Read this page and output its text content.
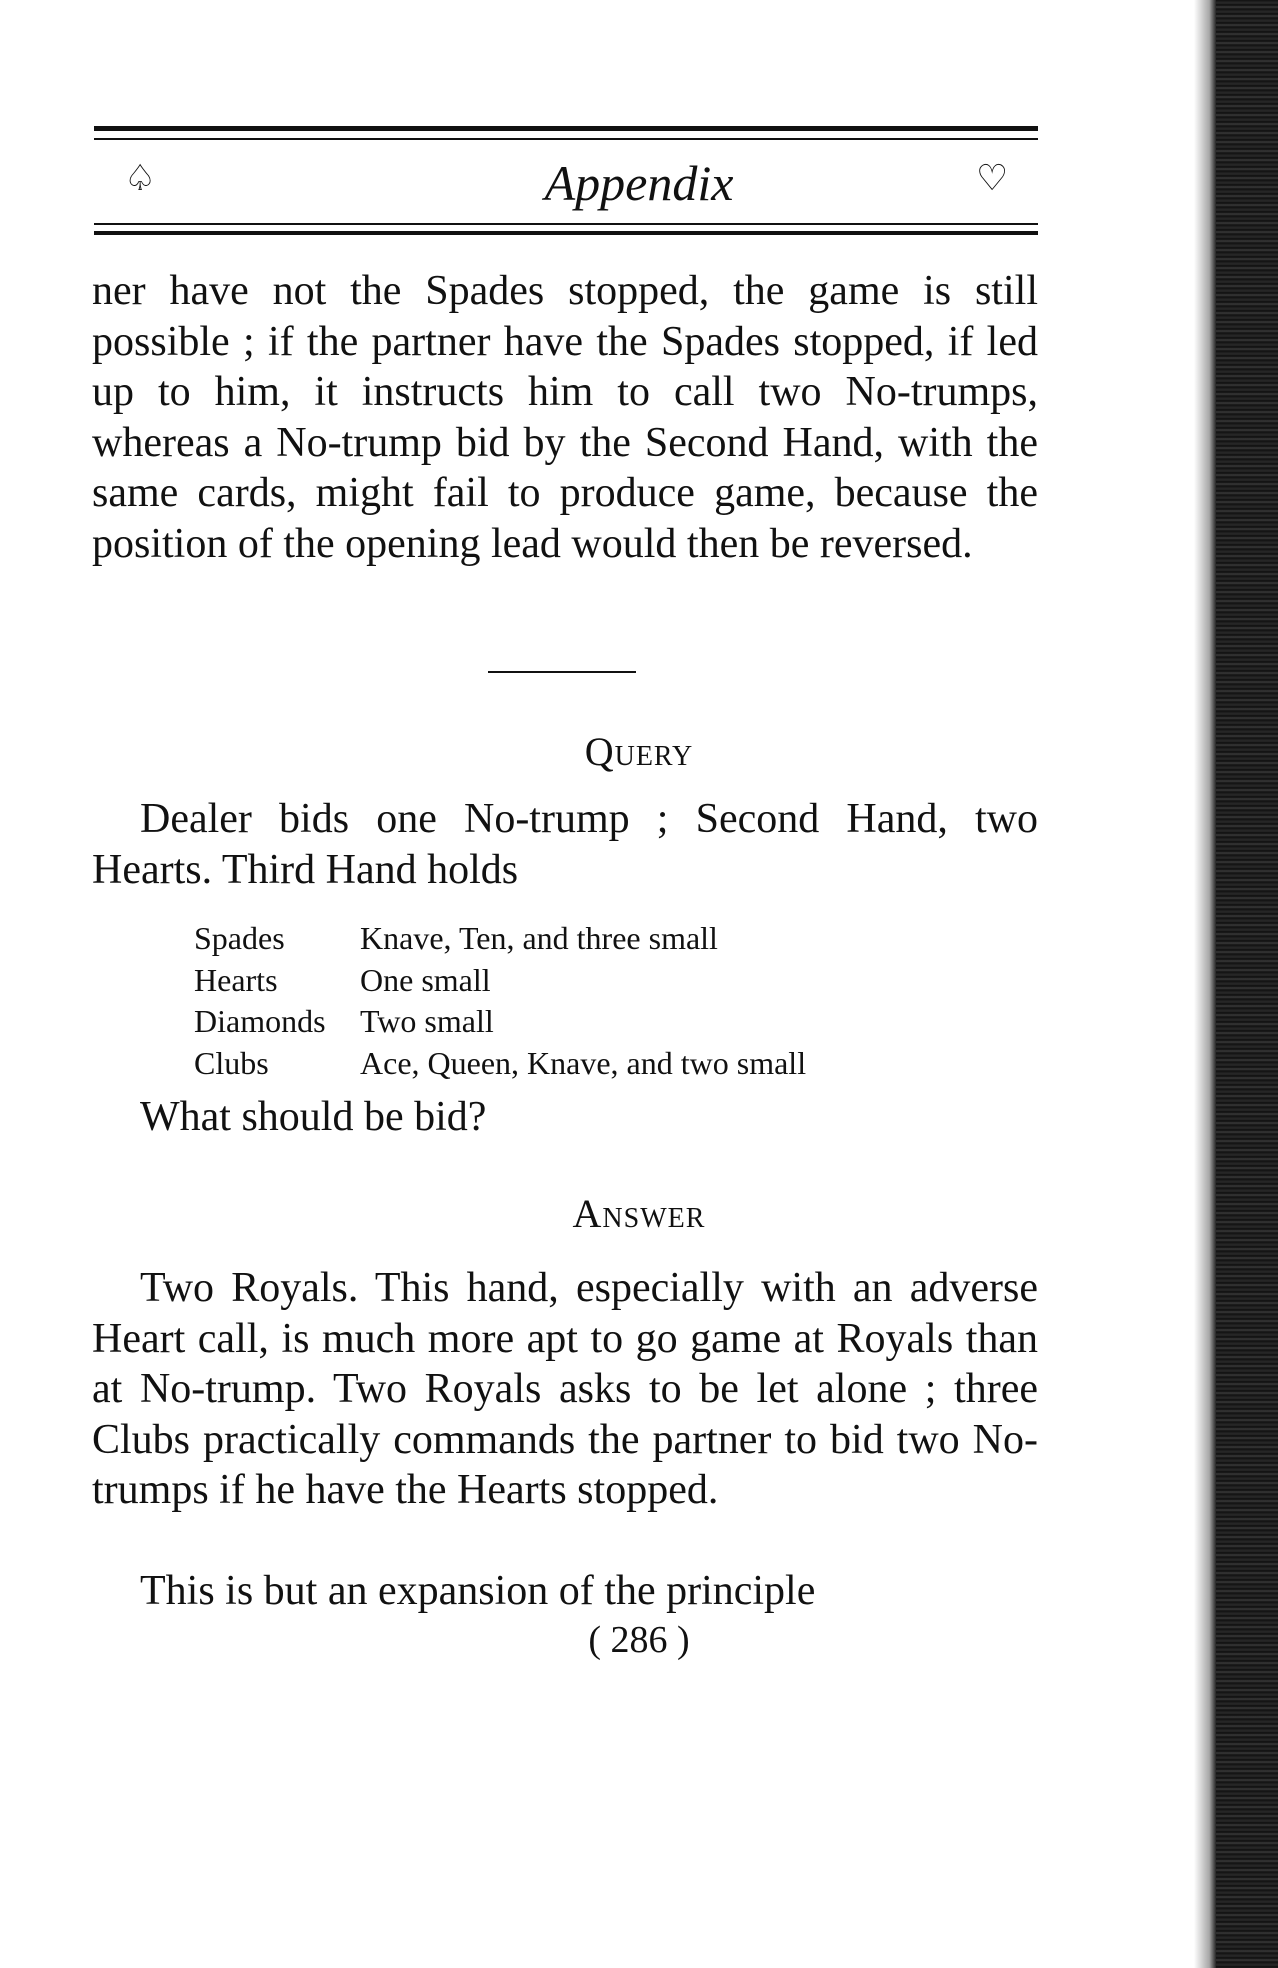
♤	Appendix	♡

ner have not the Spades stopped, the game is still possible ; if the partner have the Spades stopped, if led up to him, it instructs him to call two No-trumps, whereas a No-trump bid by the Second Hand, with the same cards, might fail to produce game, because the position of the opening lead would then be reversed.

Query

Dealer bids one No-trump ; Second Hand, two Hearts. Third Hand holds

Spades	Knave, Ten, and three small
Hearts	One small
Diamonds	Two small
Clubs	Ace, Queen, Knave, and two small
What should be bid?
Answer

Two Royals. This hand, especially with an adverse Heart call, is much more apt to go game at Royals than at No-trump. Two Royals asks to be let alone ; three Clubs practically commands the partner to bid two No-trumps if he have the Hearts stopped.

This is but an expansion of the principle

( 286 )
